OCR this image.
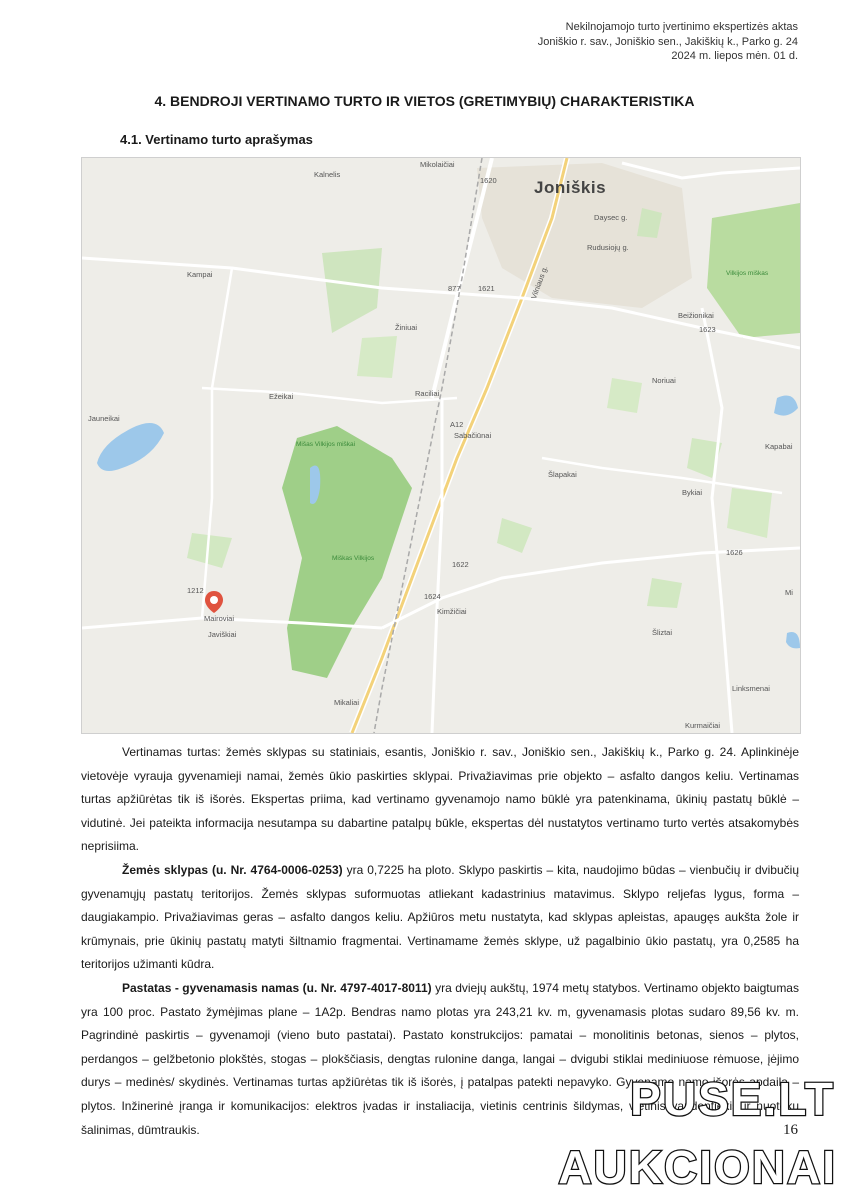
Nekilnojamojo turto įvertinimo ekspertizės aktas
Joniškio r. sav., Joniškio sen., Jakiškių k., Parko g. 24
2024 m. liepos mėn. 01 d.
4. BENDROJI VERTINAMO TURTO IR VIETOS (GRETIMYBIŲ) CHARAKTERISTIKA
4.1. Vertinamo turto aprašymas
Joniškis
Mikolaičiai
Kalnelis
Kampai
Žiniuai
Ežeikai
Jauneikai
Raciliai
Sabačiūnai
Beižionikai
Noriuai
Šlapakai
Kapabai
Bykiai
Kimžičiai
Mairoviai
Javiškiai	Šliztai
Linksmenai
Kurmaičiai
Mikaliai
Mi
Daysec g.
Rudusiojų g.
Vilniaus g.	Vilkijos miškas
Mišas Vilkijos miškai
Miškas Vilkijos
1620
877 1621
A12
1622
1624
1212
1626
1623

Vertinamas turtas: žemės sklypas su statiniais, esantis, Joniškio r. sav., Joniškio sen., Jakiškių k., Parko g. 24. Aplinkinėje vietovėje vyrauja gyvenamieji namai, žemės ūkio paskirties sklypai. Privažiavimas prie objekto – asfalto dangos keliu. Vertinamas turtas apžiūrėtas tik iš išorės. Ekspertas priima, kad vertinamo gyvenamojo namo būklė yra patenkinama, ūkinių pastatų būklė – vidutinė. Jei pateikta informacija nesutampa su dabartine patalpų būkle, ekspertas dėl nustatytos vertinamo turto vertės atsakomybės neprisiima.

Žemės sklypas (u. Nr. 4764-0006-0253) yra 0,7225 ha ploto. Sklypo paskirtis – kita, naudojimo būdas – vienbučių ir dvibučių gyvenamųjų pastatų teritorijos. Žemės sklypas suformuotas atliekant kadastrinius matavimus. Sklypo reljefas lygus, forma – daugiakampio. Privažiavimas geras – asfalto dangos keliu. Apžiūros metu nustatyta, kad sklypas apleistas, apaugęs aukšta žole ir krūmynais, prie ūkinių pastatų matyti šiltnamio fragmentai. Vertinamame žemės sklype, už pagalbinio ūkio pastatų, yra 0,2585 ha teritorijos užimanti kūdra.

Pastatas - gyvenamasis namas (u. Nr. 4797-4017-8011) yra dviejų aukštų, 1974 metų statybos. Vertinamo objekto baigtumas yra 100 proc. Pastato žymėjimas plane – 1A2p. Bendras namo plotas yra 243,21 kv. m, gyvenamasis plotas sudaro 89,56 kv. m. Pagrindinė paskirtis – gyvenamoji (vieno buto pastatai). Pastato konstrukcijos: pamatai – monolitinis betonas, sienos – plytos, perdangos – gelžbetonio plokštės, stogas – plokščiasis, dengtas rulonine danga, langai – dvigubi stiklai mediniuose rėmuose, įėjimo durys – medinės/ skydinės. Vertinamas turtas apžiūrėtas tik iš išorės, į patalpas patekti nepavyko. Gyvenamo namo išorės apdaila – plytos. Inžinerinė įranga ir komunikacijos: elektros įvadas ir instaliacija, vietinis centrinis šildymas, vietinis vandentiekis ir nuotekų šalinimas, dūmtraukis.	16
PUSE.LT
AUKCIONAI
